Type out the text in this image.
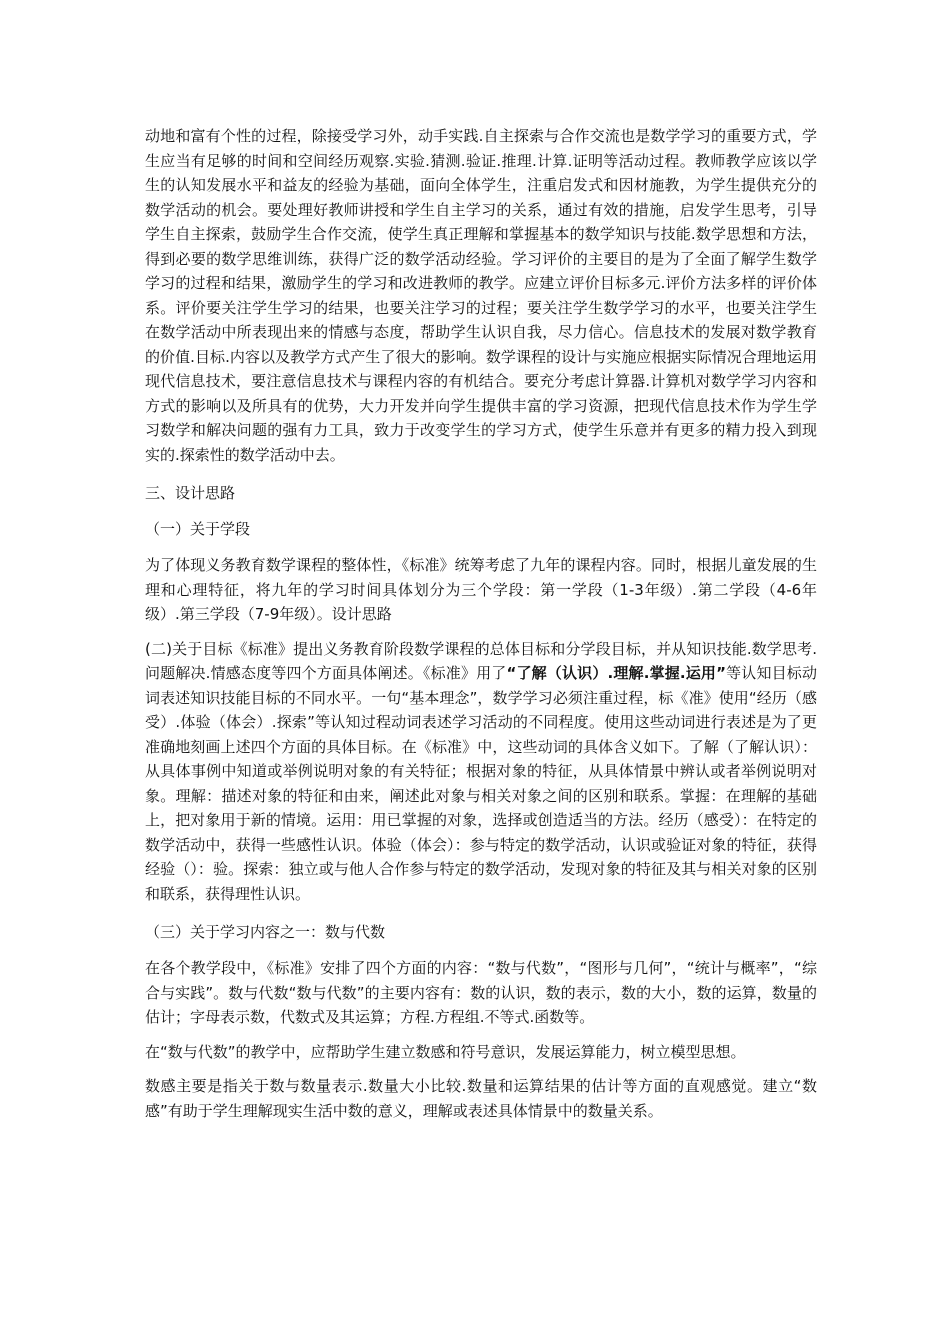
动地和富有个性的过程，除接受学习外，动手实践.自主探索与合作交流也是数学学习的重要方式，学生应当有足够的时间和空间经历观察.实验.猜测.验证.推理.计算.证明等活动过程。教师教学应该以学生的认知发展水平和益友的经验为基础，面向全体学生，注重启发式和因材施教，为学生提供充分的数学活动的机会。要处理好教师讲授和学生自主学习的关系，通过有效的措施，启发学生思考，引导学生自主探索，鼓励学生合作交流，使学生真正理解和掌握基本的数学知识与技能.数学思想和方法，得到必要的数学思维训练，获得广泛的数学活动经验。学习评价的主要目的是为了全面了解学生数学学习的过程和结果，激励学生的学习和改进教师的教学。应建立评价目标多元.评价方法多样的评价体系。评价要关注学生学习的结果，也要关注学习的过程；要关注学生数学学习的水平，也要关注学生在数学活动中所表现出来的情感与态度，帮助学生认识自我，尽力信心。信息技术的发展对数学教育的价值.目标.内容以及教学方式产生了很大的影响。数学课程的设计与实施应根据实际情况合理地运用现代信息技术，要注意信息技术与课程内容的有机结合。要充分考虑计算器.计算机对数学学习内容和方式的影响以及所具有的优势，大力开发并向学生提供丰富的学习资源，把现代信息技术作为学生学习数学和解决问题的强有力工具，致力于改变学生的学习方式，使学生乐意并有更多的精力投入到现实的.探索性的数学活动中去。

三、设计思路

（一）关于学段

为了体现义务教育数学课程的整体性，《标准》统筹考虑了九年的课程内容。同时，根据儿童发展的生理和心理特征，将九年的学习时间具体划分为三个学段：第一学段（1-3年级）.第二学段（4-6年级）.第三学段（7-9年级）。设计思路

(二)关于目标《标准》提出义务教育阶段数学课程的总体目标和分学段目标，并从知识技能.数学思考.问题解决.情感态度等四个方面具体阐述。《标准》用了“了解（认识）.理解.掌握.运用”等认知目标动词表述知识技能目标的不同水平。一句“基本理念”，数学学习必须注重过程，标《准》使用“经历（感受）.体验（体会）.探索”等认知过程动词表述学习活动的不同程度。使用这些动词进行表述是为了更准确地刻画上述四个方面的具体目标。在《标准》中，这些动词的具体含义如下。了解（了解认识）：从具体事例中知道或举例说明对象的有关特征；根据对象的特征，从具体情景中辨认或者举例说明对象。理解：描述对象的特征和由来，阐述此对象与相关对象之间的区别和联系。掌握：在理解的基础上，把对象用于新的情境。运用：用已掌握的对象，选择或创造适当的方法。经历（感受）：在特定的数学活动中，获得一些感性认识。体验（体会）：参与特定的数学活动，认识或验证对象的特征，获得经验（）：验。探索：独立或与他人合作参与特定的数学活动，发现对象的特征及其与相关对象的区别和联系，获得理性认识。

（三）关于学习内容之一：数与代数

在各个教学段中，《标准》安排了四个方面的内容：“数与代数”，“图形与几何”，“统计与概率”，“综合与实践”。数与代数“数与代数”的主要内容有：数的认识，数的表示，数的大小，数的运算，数量的估计；字母表示数，代数式及其运算；方程.方程组.不等式.函数等。

在“数与代数”的教学中，应帮助学生建立数感和符号意识，发展运算能力，树立模型思想。

数感主要是指关于数与数量表示.数量大小比较.数量和运算结果的估计等方面的直观感觉。建立“数感”有助于学生理解现实生活中数的意义，理解或表述具体情景中的数量关系。
